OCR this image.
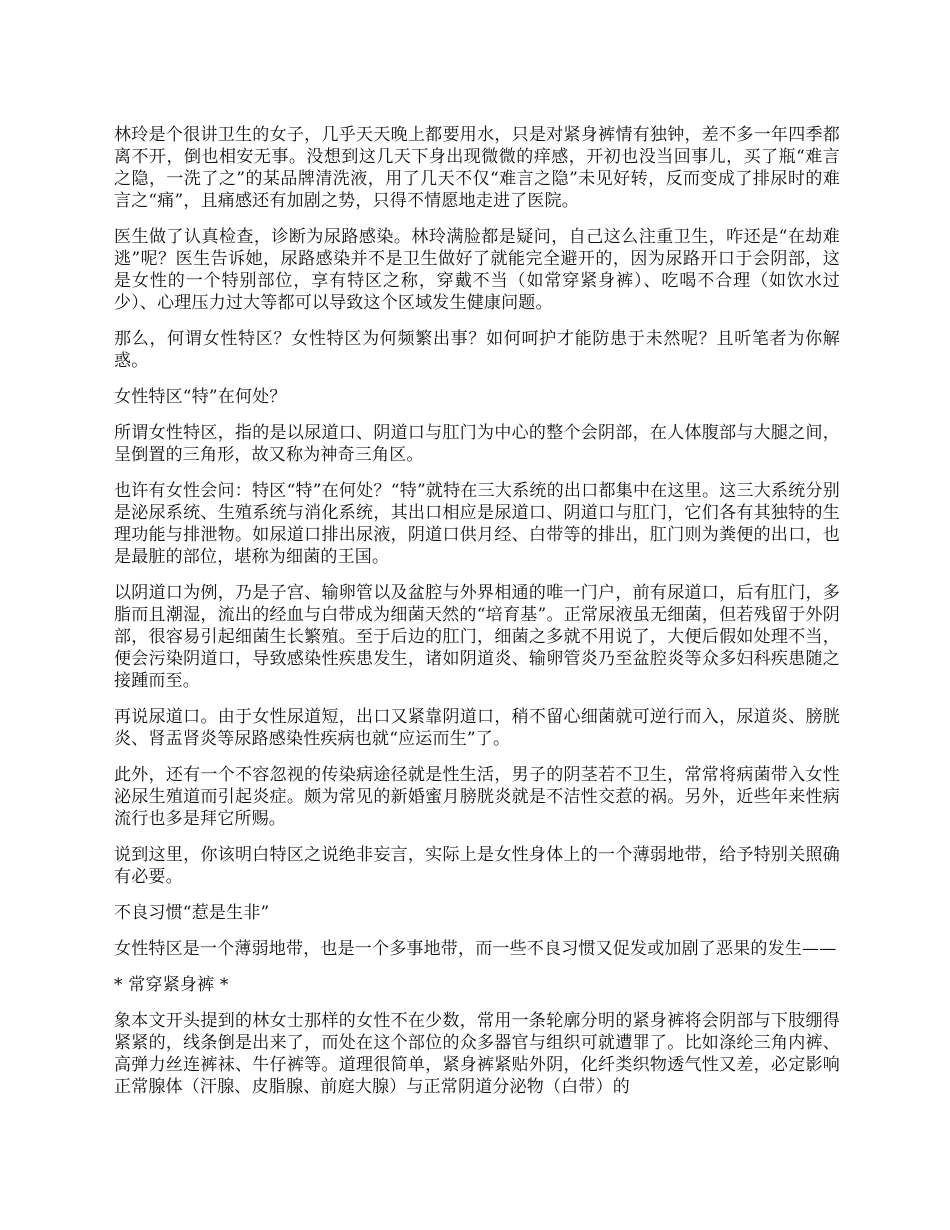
林玲是个很讲卫生的女子，几乎天天晚上都要用水，只是对紧身裤情有独钟，差不多一年四季都离不开，倒也相安无事。没想到这几天下身出现微微的痒感，开初也没当回事儿，买了瓶“难言之隐，一洗了之”的某品牌清洗液，用了几天不仅“难言之隐”未见好转，反而变成了排尿时的难言之“痛”，且痛感还有加剧之势，只得不情愿地走进了医院。

医生做了认真检查，诊断为尿路感染。林玲满脸都是疑问，自己这么注重卫生，咋还是“在劫难逃”呢？医生告诉她，尿路感染并不是卫生做好了就能完全避开的，因为尿路开口于会阴部，这是女性的一个特别部位，享有特区之称，穿戴不当（如常穿紧身裤）、吃喝不合理（如饮水过少）、心理压力过大等都可以导致这个区域发生健康问题。

那么，何谓女性特区？女性特区为何频繁出事？如何呵护才能防患于未然呢？且听笔者为你解惑。

女性特区“特”在何处？

所谓女性特区，指的是以尿道口、阴道口与肛门为中心的整个会阴部，在人体腹部与大腿之间，呈倒置的三角形，故又称为神奇三角区。

也许有女性会问：特区“特”在何处？“特”就特在三大系统的出口都集中在这里。这三大系统分别是泌尿系统、生殖系统与消化系统，其出口相应是尿道口、阴道口与肛门，它们各有其独特的生理功能与排泄物。如尿道口排出尿液，阴道口供月经、白带等的排出，肛门则为粪便的出口，也是最脏的部位，堪称为细菌的王国。

以阴道口为例，乃是子宫、输卵管以及盆腔与外界相通的唯一门户，前有尿道口，后有肛门，多脂而且潮湿，流出的经血与白带成为细菌天然的“培育基”。正常尿液虽无细菌，但若残留于外阴部，很容易引起细菌生长繁殖。至于后边的肛门，细菌之多就不用说了，大便后假如处理不当，便会污染阴道口，导致感染性疾患发生，诸如阴道炎、输卵管炎乃至盆腔炎等众多妇科疾患随之接踵而至。

再说尿道口。由于女性尿道短，出口又紧靠阴道口，稍不留心细菌就可逆行而入，尿道炎、膀胱炎、肾盂肾炎等尿路感染性疾病也就“应运而生”了。

此外，还有一个不容忽视的传染病途径就是性生活，男子的阴茎若不卫生，常常将病菌带入女性泌尿生殖道而引起炎症。颇为常见的新婚蜜月膀胱炎就是不洁性交惹的祸。另外，近些年来性病流行也多是拜它所赐。

说到这里，你该明白特区之说绝非妄言，实际上是女性身体上的一个薄弱地带，给予特别关照确有必要。

不良习惯“惹是生非”

女性特区是一个薄弱地带，也是一个多事地带，而一些不良习惯又促发或加剧了恶果的发生——

* 常穿紧身裤 *

象本文开头提到的林女士那样的女性不在少数，常用一条轮廓分明的紧身裤将会阴部与下肢绷得紧紧的，线条倒是出来了，而处在这个部位的众多器官与组织可就遭罪了。比如涤纶三角内裤、高弹力丝连裤袜、牛仔裤等。道理很简单，紧身裤紧贴外阴，化纤类织物透气性又差，必定影响正常腺体（汗腺、皮脂腺、前庭大腺）与正常阴道分泌物（白带）的
